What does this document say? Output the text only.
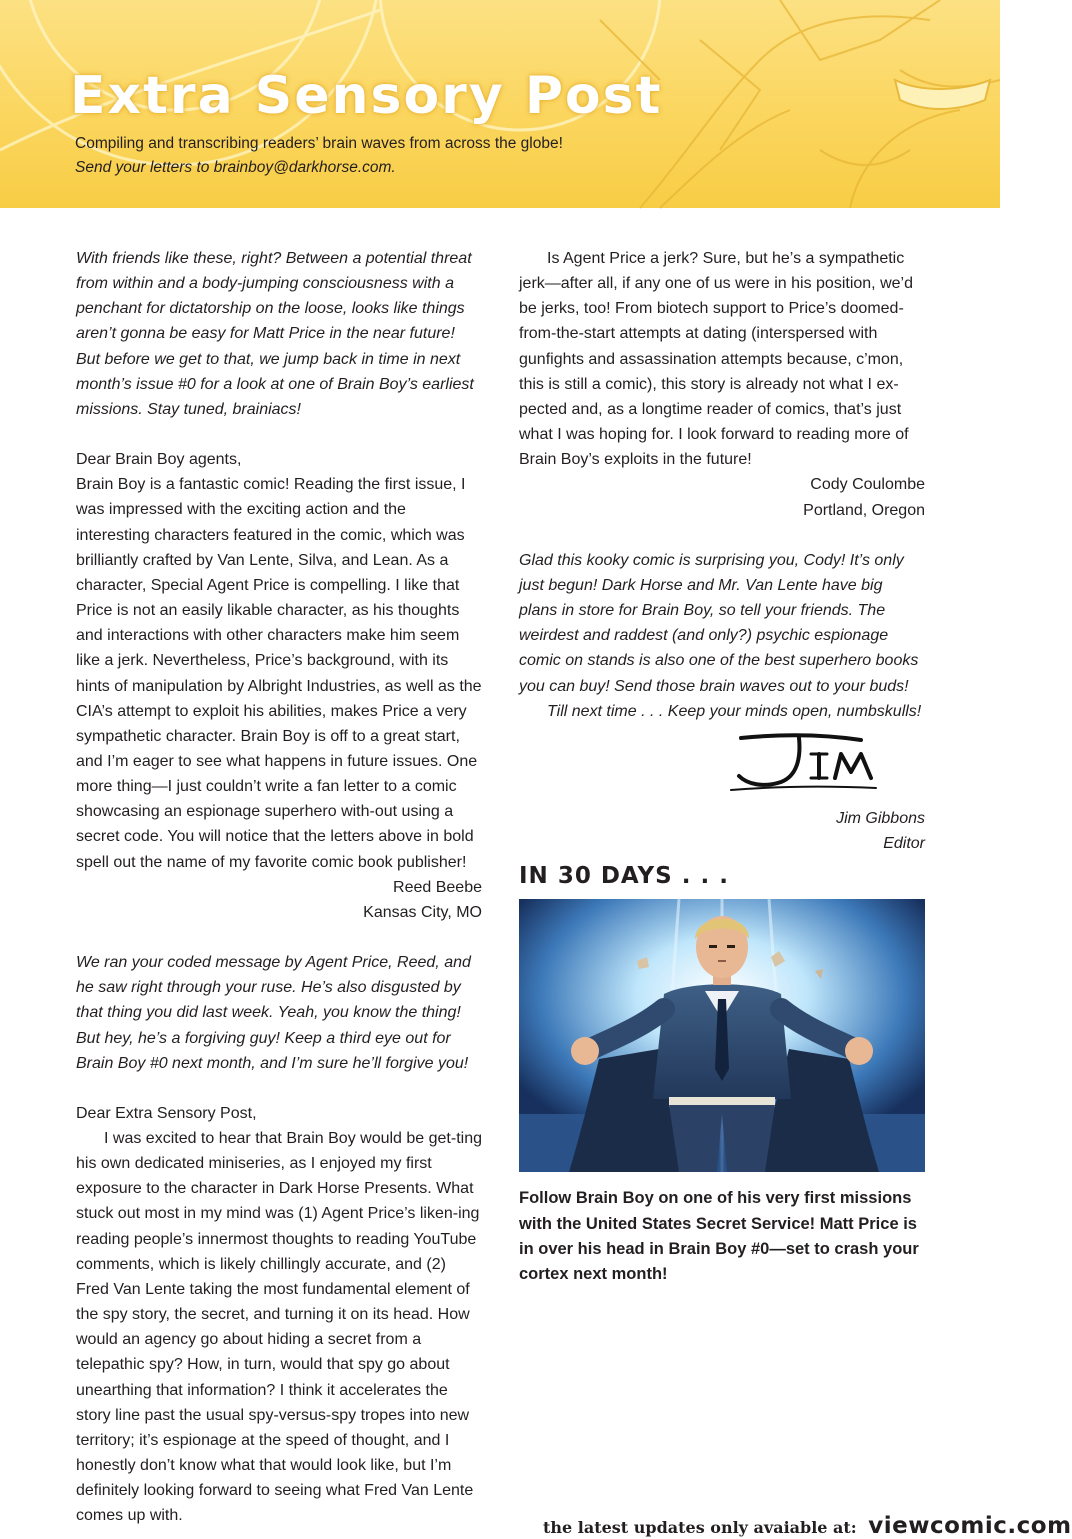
Extra Sensory Post
Compiling and transcribing readers’ brain waves from across the globe!
Send your letters to brainboy@darkhorse.com.

With friends like these, right? Between a potential threat from within and a body-jumping consciousness with a penchant for dictatorship on the loose, looks like things aren’t gonna be easy for Matt Price in the near future! But before we get to that, we jump back in time in next month’s issue #0 for a look at one of Brain Boy’s earliest missions. Stay tuned, brainiacs!

Dear Brain Boy agents,

Brain Boy is a fantastic comic! Reading the first issue, I was impressed with the exciting action and the interesting characters featured in the comic, which was brilliantly crafted by Van Lente, Silva, and Lean. As a character, Special Agent Price is compelling. I like that Price is not an easily likable character, as his thoughts and interactions with other characters make him seem like a jerk. Nevertheless, Price’s background, with its hints of manipulation by Albright Industries, as well as the CIA’s attempt to exploit his abilities, makes Price a very sympathetic character. Brain Boy is off to a great start, and I’m eager to see what happens in future issues. One more thing—I just couldn’t write a fan letter to a comic showcasing an espionage superhero with-out using a secret code. You will notice that the letters above in bold spell out the name of my favorite comic book publisher!

Reed Beebe

Kansas City, MO

We ran your coded message by Agent Price, Reed, and he saw right through your ruse. He’s also disgusted by that thing you did last week. Yeah, you know the thing! But hey, he’s a forgiving guy! Keep a third eye out for Brain Boy #0 next month, and I’m sure he’ll forgive you!

Dear Extra Sensory Post,

I was excited to hear that Brain Boy would be get-ting his own dedicated miniseries, as I enjoyed my first exposure to the character in Dark Horse Presents. What stuck out most in my mind was (1) Agent Price’s liken-ing reading people’s innermost thoughts to reading YouTube comments, which is likely chillingly accurate, and (2) Fred Van Lente taking the most fundamental element of the spy story, the secret, and turning it on its head. How would an agency go about hiding a secret from a telepathic spy? How, in turn, would that spy go about unearthing that information? I think it accelerates the story line past the usual spy-versus-spy tropes into new territory; it’s espionage at the speed of thought, and I honestly don’t know what that would look like, but I’m definitely looking forward to seeing what Fred Van Lente comes up with.

Is Agent Price a jerk? Sure, but he’s a sympathetic jerk—after all, if any one of us were in his position, we’d be jerks, too! From biotech support to Price’s doomed-from-the-start attempts at dating (interspersed with gunfights and assassination attempts because, c’mon, this is still a comic), this story is already not what I ex-pected and, as a longtime reader of comics, that’s just what I was hoping for. I look forward to reading more of Brain Boy’s exploits in the future!

Cody Coulombe

Portland, Oregon

Glad this kooky comic is surprising you, Cody! It’s only just begun! Dark Horse and Mr. Van Lente have big plans in store for Brain Boy, so tell your friends. The weirdest and raddest (and only?) psychic espionage comic on stands is also one of the best superhero books you can buy! Send those brain waves out to your buds!

Till next time . . . Keep your minds open, numbskulls!

Jim Gibbons

Editor

IN 30 DAYS . . .

Follow Brain Boy on one of his very first missions with the United States Secret Service! Matt Price is in over his head in Brain Boy #0—set to crash your cortex next month!

the latest updates only avaiable at: viewcomic.com
